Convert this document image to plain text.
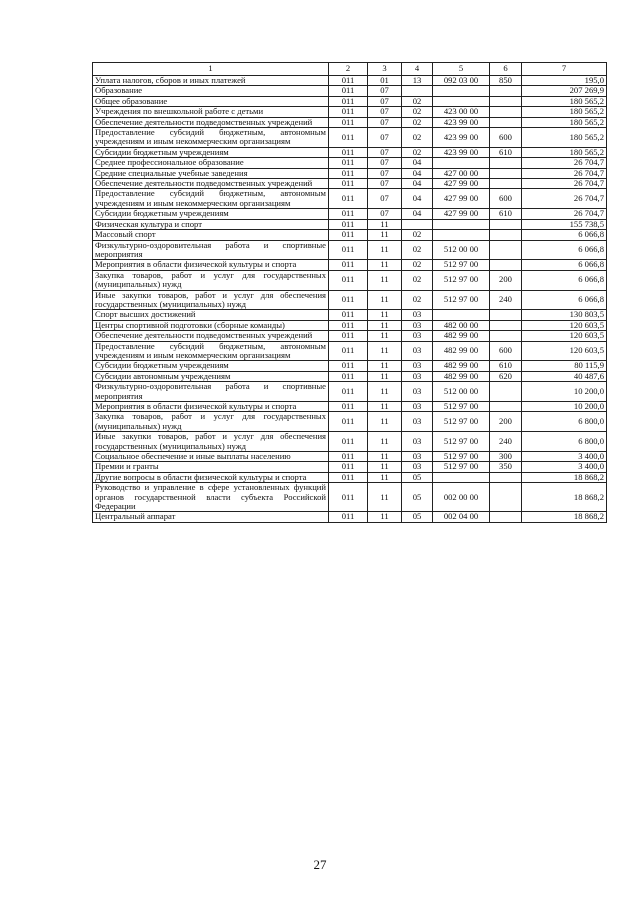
1	2	3	4	5	6	7
Уплата налогов, сборов и иных платежей	011	01	13	092 03 00	850	195,0
Образование	011	07				207 269,9
Общее образование	011	07	02			180 565,2
Учреждения по внешкольной работе с детьми	011	07	02	423 00 00		180 565,2
Обеспечение деятельности подведомственных учреждений	011	07	02	423 99 00		180 565,2
Предоставление субсидий бюджетным, автономным учреждениям и иным некоммерческим организациям	011	07	02	423 99 00	600	180 565,2
Субсидии бюджетным учреждениям	011	07	02	423 99 00	610	180 565,2
Среднее профессиональное образование	011	07	04			26 704,7
Средние специальные учебные заведения	011	07	04	427 00 00		26 704,7
Обеспечение деятельности подведомственных учреждений	011	07	04	427 99 00		26 704,7
Предоставление субсидий бюджетным, автономным учреждениям и иным некоммерческим организациям	011	07	04	427 99 00	600	26 704,7
Субсидии бюджетным учреждениям	011	07	04	427 99 00	610	26 704,7
Физическая культура и спорт	011	11				155 738,5
Массовый спорт	011	11	02			6 066,8
Физкультурно-оздоровительная работа и спортивные мероприятия	011	11	02	512 00 00		6 066,8
Мероприятия в области физической культуры и спорта	011	11	02	512 97 00		6 066,8
Закупка товаров, работ и услуг для государственных (муниципальных) нужд	011	11	02	512 97 00	200	6 066,8
Иные закупки товаров, работ и услуг для обеспечения государственных (муниципальных) нужд	011	11	02	512 97 00	240	6 066,8
Спорт высших достижений	011	11	03			130 803,5
Центры спортивной подготовки (сборные команды)	011	11	03	482 00 00		120 603,5
Обеспечение деятельности подведомственных учреждений	011	11	03	482 99 00		120 603,5
Предоставление субсидий бюджетным, автономным учреждениям и иным некоммерческим организациям	011	11	03	482 99 00	600	120 603,5
Субсидии бюджетным учреждениям	011	11	03	482 99 00	610	80 115,9
Субсидии автономным учреждениям	011	11	03	482 99 00	620	40 487,6
Физкультурно-оздоровительная работа и спортивные мероприятия	011	11	03	512 00 00		10 200,0
Мероприятия в области физической культуры и спорта	011	11	03	512 97 00		10 200,0
Закупка товаров, работ и услуг для государственных (муниципальных) нужд	011	11	03	512 97 00	200	6 800,0
Иные закупки товаров, работ и услуг для обеспечения государственных (муниципальных) нужд	011	11	03	512 97 00	240	6 800,0
Социальное обеспечение и иные выплаты населению	011	11	03	512 97 00	300	3 400,0
Премии и гранты	011	11	03	512 97 00	350	3 400,0
Другие вопросы в области физической культуры и спорта	011	11	05			18 868,2
Руководство и управление в сфере установленных функций органов государственной власти субъекта Российской Федерации	011	11	05	002 00 00		18 868,2
Центральный аппарат	011	11	05	002 04 00		18 868,2
27
